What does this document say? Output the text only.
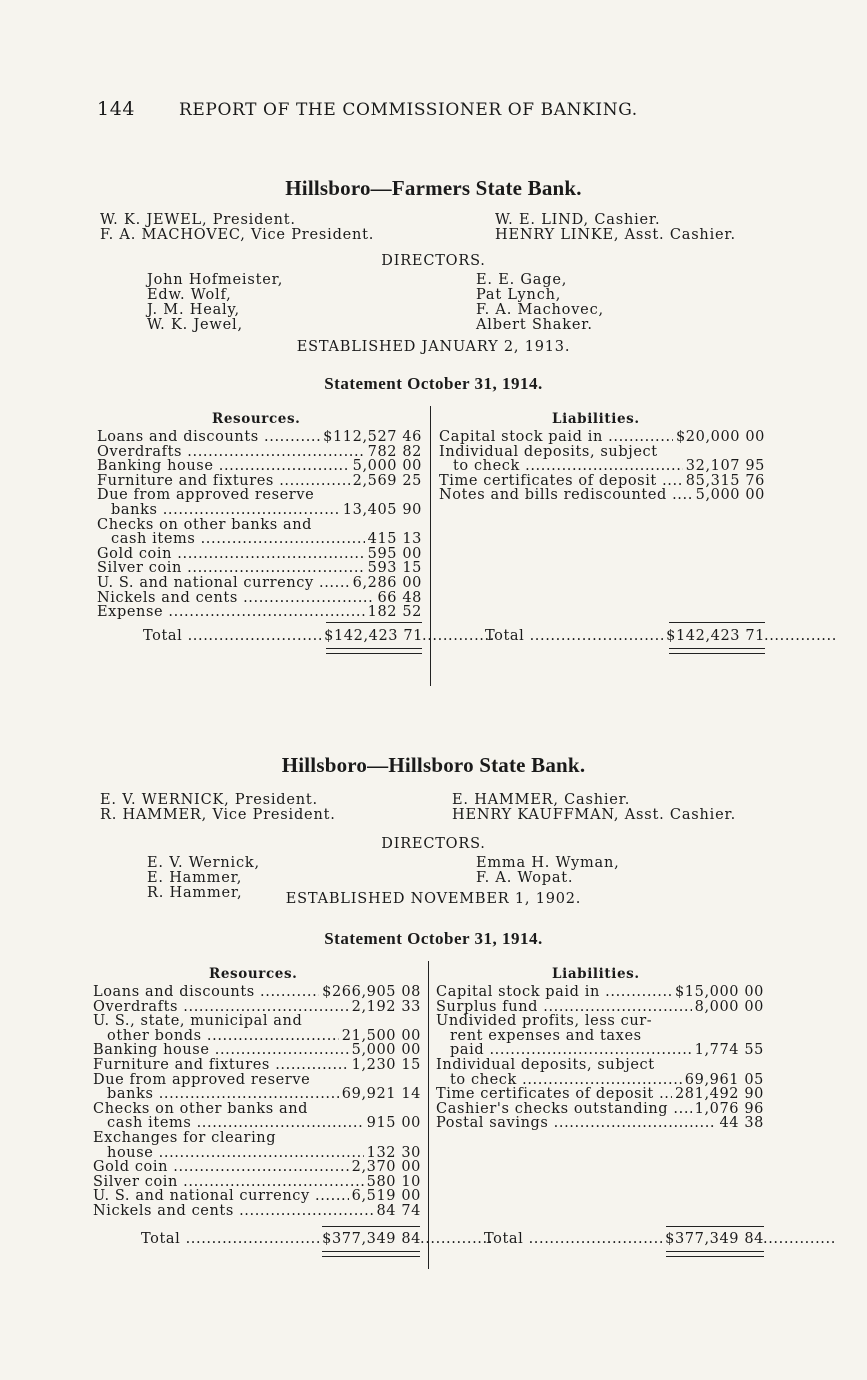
144	REPORT OF THE COMMISSIONER OF BANKING.
Hillsboro—Farmers State Bank.
W. K. JEWEL, President.
F. A. MACHOVEC, Vice President.
W. E. LIND, Cashier.
HENRY LINKE, Asst. Cashier.
DIRECTORS.
John Hofmeister,
Edw. Wolf,
J. M. Healy,
W. K. Jewel,
E. E. Gage,
Pat Lynch,
F. A. Machovec,
Albert Shaker.
ESTABLISHED JANUARY 2, 1913.
Statement October 31, 1914.
Resources.	Liabilities.
Loans and discounts .....	$112,527 46
Overdrafts .....	782 82
Banking house .....	5,000 00
Furniture and fixtures .....	2,569 25
Due from approved reserve
banks .....	13,405 90
Checks on other banks and
cash items .....	415 13
Gold coin .....	595 00
Silver coin .....	593 15
U. S. and national currency .....	6,286 00
Nickels and cents .....	66 48
Expense .....	182 52
Capital stock paid in .....	$20,000 00
Individual deposits, subject
to check .....	32,107 95
Time certificates of deposit .....	85,315 76
Notes and bills rediscounted .....	5,000 00
Total .....	$142,423 71	Total .....	$142,423 71
Hillsboro—Hillsboro State Bank.
E. V. WERNICK, President.
R. HAMMER, Vice President.
E. HAMMER, Cashier.
HENRY KAUFFMAN, Asst. Cashier.
DIRECTORS.
E. V. Wernick,
E. Hammer,
R. Hammer,
Emma H. Wyman,
F. A. Wopat.
ESTABLISHED NOVEMBER 1, 1902.
Statement October 31, 1914.
Resources.	Liabilities.
Loans and discounts .....	$266,905 08
Overdrafts .....	2,192 33
U. S., state, municipal and
other bonds .....	21,500 00
Banking house .....	5,000 00
Furniture and fixtures .....	1,230 15
Due from approved reserve
banks .....	69,921 14
Checks on other banks and
cash items .....	915 00
Exchanges for clearing
house .....	132 30
Gold coin .....	2,370 00
Silver coin .....	580 10
U. S. and national currency .....	6,519 00
Nickels and cents .....	84 74
Capital stock paid in .....	$15,000 00
Surplus fund .....	8,000 00
Undivided profits, less cur-
rent expenses and taxes
paid .....	1,774 55
Individual deposits, subject
to check .....	69,961 05
Time certificates of deposit .....	281,492 90
Cashier's checks outstanding .....	1,076 96
Postal savings .....	44 38
Total .....	$377,349 84	Total .....	$377,349 84
